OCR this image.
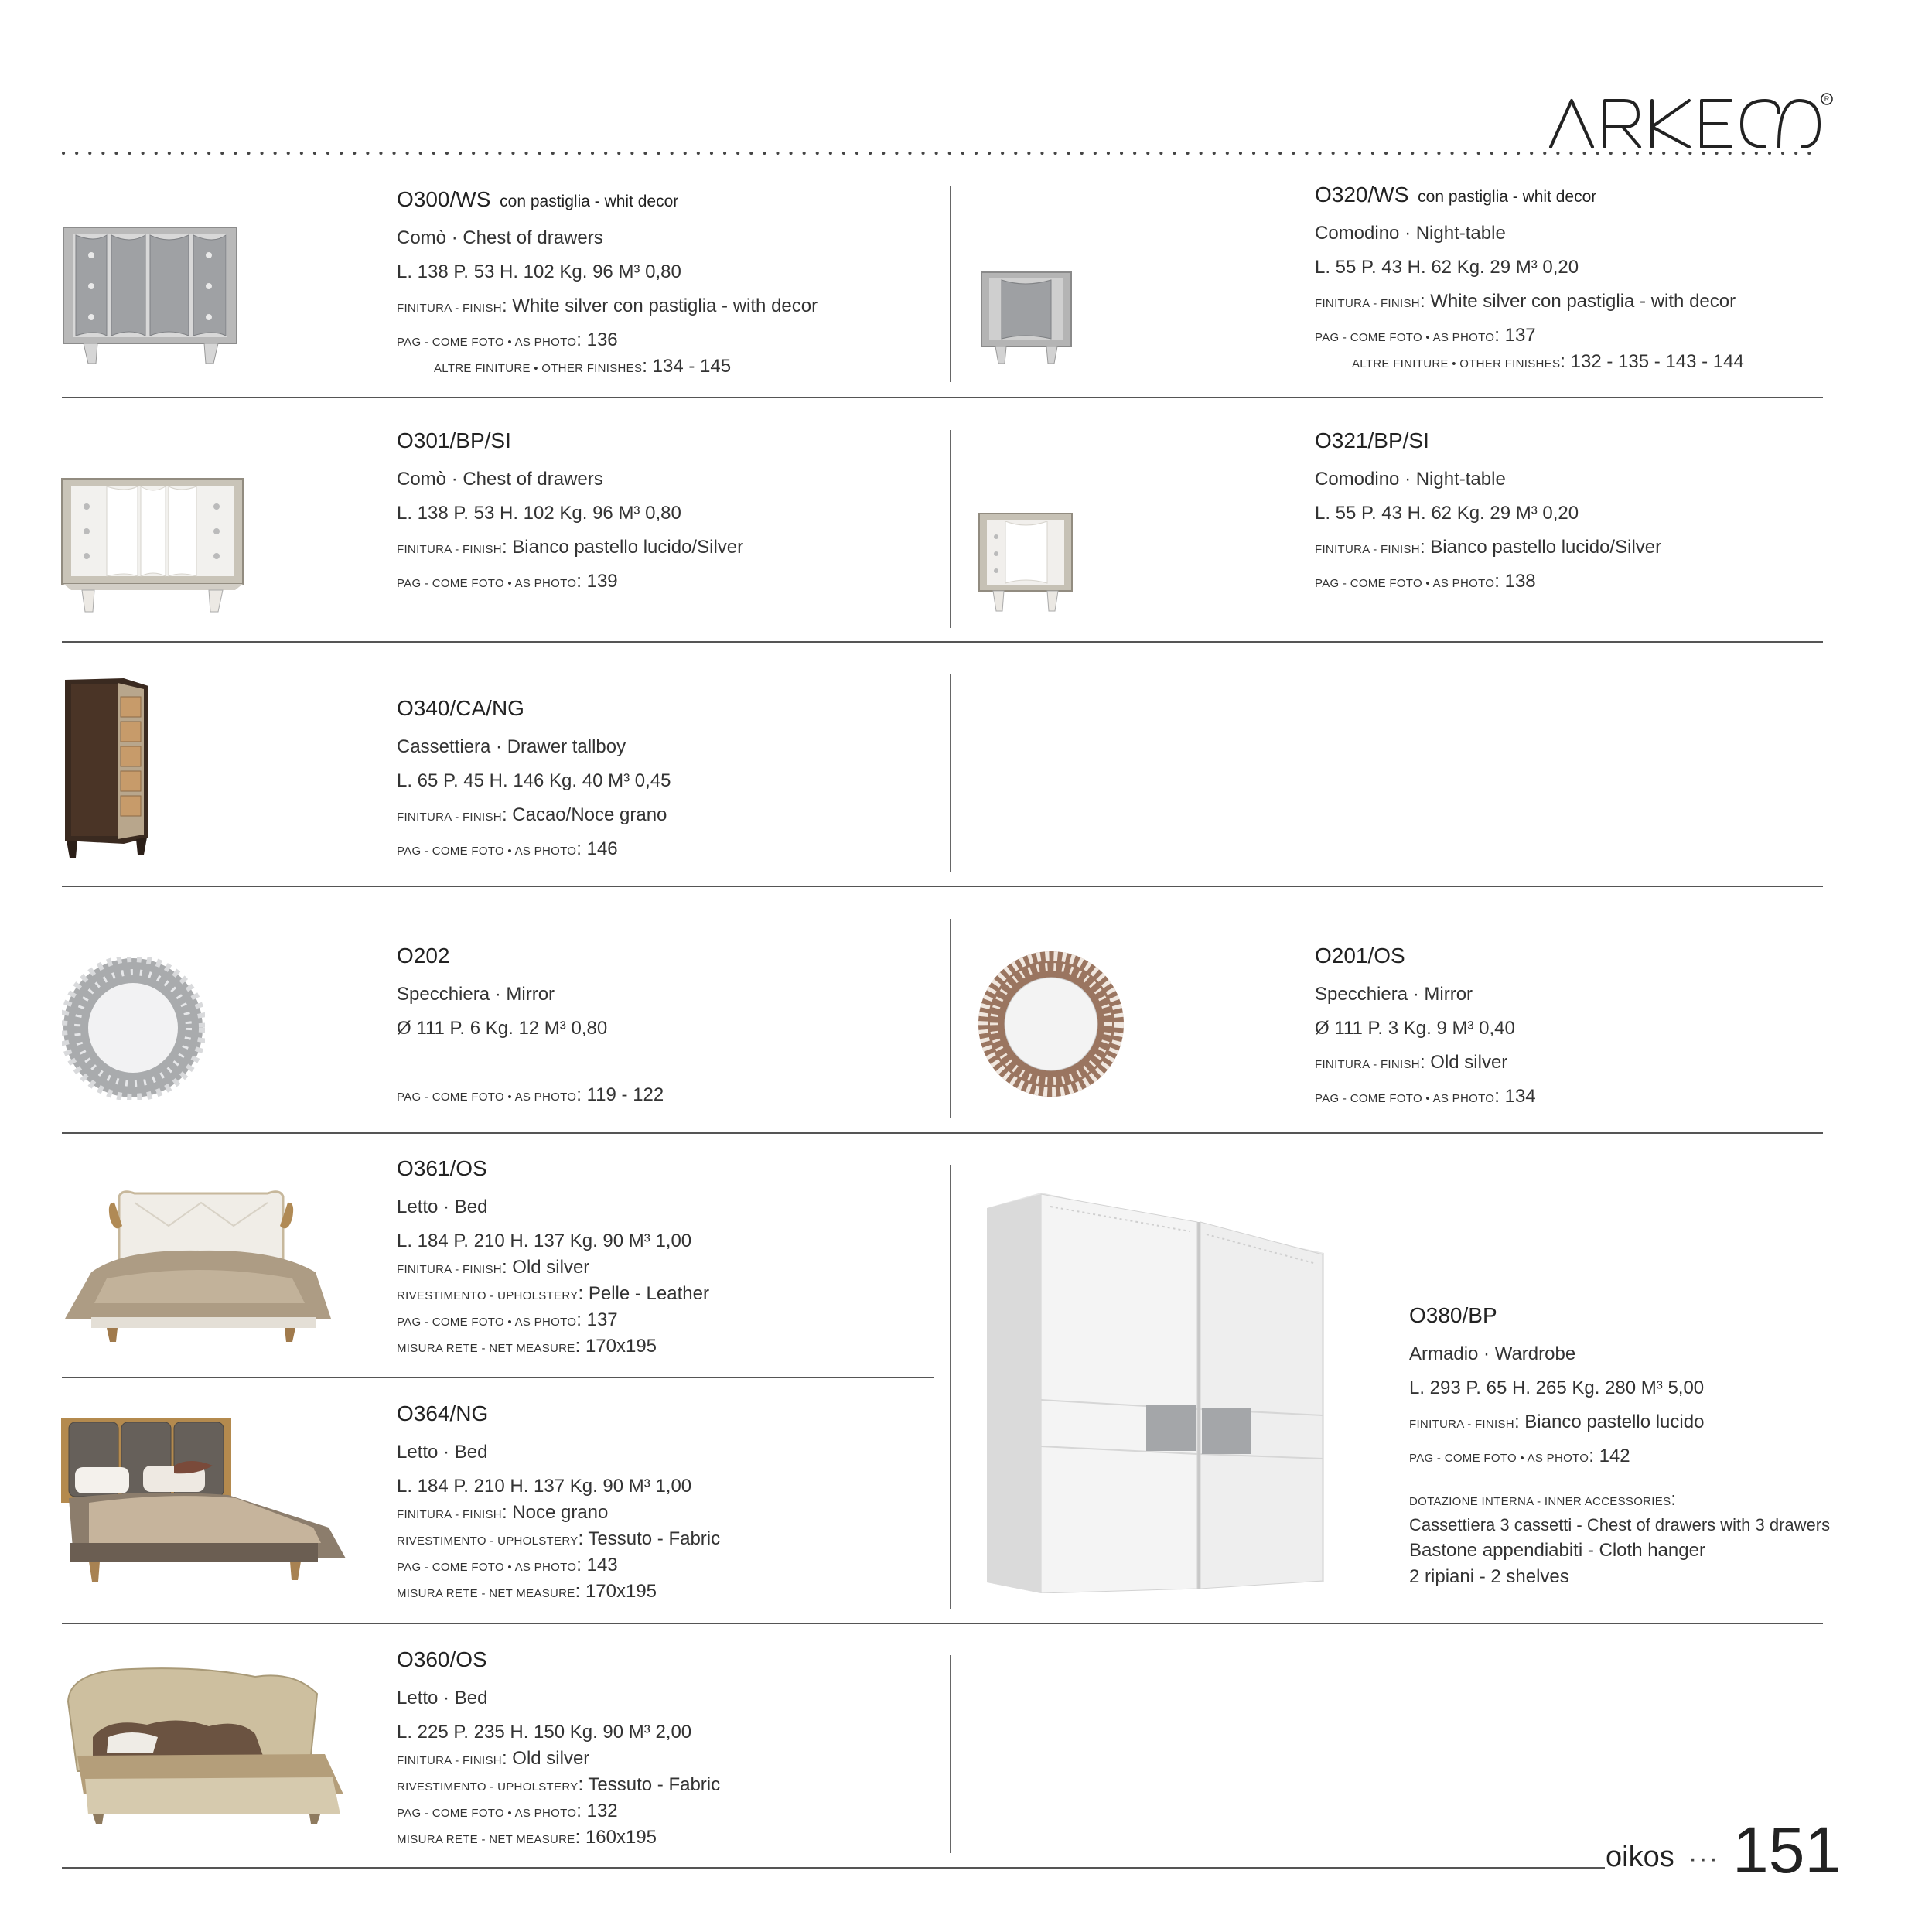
R
O300/WS con pastiglia - whit decor
Comò · Chest of drawers
L. 138 P. 53 H. 102 Kg. 96 M³ 0,80
FINITURA - FINISH: White silver con pastiglia - with decor
PAG - COME FOTO • AS PHOTO: 136
ALTRE FINITURE • OTHER FINISHES: 134 - 145
O320/WS con pastiglia - whit decor
Comodino · Night-table
L. 55 P. 43 H. 62 Kg. 29 M³ 0,20
FINITURA - FINISH: White silver con pastiglia - with decor
PAG - COME FOTO • AS PHOTO: 137
ALTRE FINITURE • OTHER FINISHES: 132 - 135 - 143 - 144
O301/BP/SI
Comò · Chest of drawers
L. 138 P. 53 H. 102 Kg. 96 M³ 0,80
FINITURA - FINISH: Bianco pastello lucido/Silver
PAG - COME FOTO • AS PHOTO: 139
O321/BP/SI
Comodino · Night-table
L. 55 P. 43 H. 62 Kg. 29 M³ 0,20
FINITURA - FINISH: Bianco pastello lucido/Silver
PAG - COME FOTO • AS PHOTO: 138
O340/CA/NG
Cassettiera · Drawer tallboy
L. 65 P. 45 H. 146 Kg. 40 M³ 0,45
FINITURA - FINISH: Cacao/Noce grano
PAG - COME FOTO • AS PHOTO: 146
O202
Specchiera · Mirror
Ø 111 P. 6 Kg. 12 M³ 0,80
PAG - COME FOTO • AS PHOTO: 119 - 122
O201/OS
Specchiera · Mirror
Ø 111 P. 3 Kg. 9 M³ 0,40
FINITURA - FINISH: Old silver
PAG - COME FOTO • AS PHOTO: 134
O361/OS
Letto · Bed
L. 184 P. 210 H. 137 Kg. 90 M³ 1,00
FINITURA - FINISH: Old silver
RIVESTIMENTO - UPHOLSTERY: Pelle - Leather
PAG - COME FOTO • AS PHOTO: 137
MISURA RETE - NET MEASURE: 170x195
O380/BP
Armadio · Wardrobe
L. 293 P. 65 H. 265 Kg. 280 M³ 5,00
FINITURA - FINISH: Bianco pastello lucido
PAG - COME FOTO • AS PHOTO: 142
DOTAZIONE INTERNA - INNER ACCESSORIES:
Cassettiera 3 cassetti - Chest of drawers with 3 drawers
Bastone appendiabiti - Cloth hanger
2 ripiani - 2 shelves
O364/NG
Letto · Bed
L. 184 P. 210 H. 137 Kg. 90 M³ 1,00
FINITURA - FINISH: Noce grano
RIVESTIMENTO - UPHOLSTERY: Tessuto - Fabric
PAG - COME FOTO • AS PHOTO: 143
MISURA RETE - NET MEASURE: 170x195
O360/OS
Letto · Bed
L. 225 P. 235 H. 150 Kg. 90 M³ 2,00
FINITURA - FINISH: Old silver
RIVESTIMENTO - UPHOLSTERY: Tessuto - Fabric
PAG - COME FOTO • AS PHOTO: 132
MISURA RETE - NET MEASURE: 160x195
oikos ··· 151
